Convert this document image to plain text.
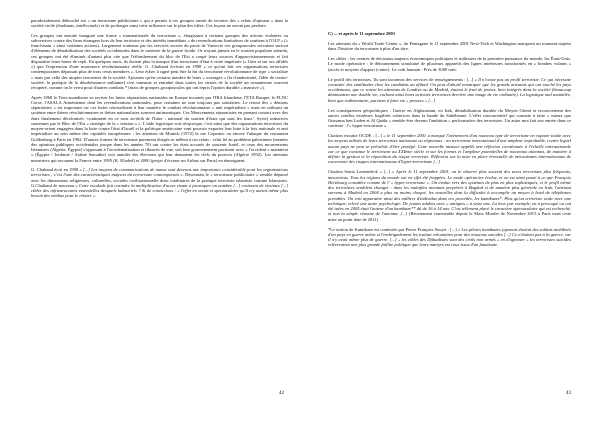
paradoxalement débouché sur « un terrorisme publicitaire » qui a permis à ces groupes armés de recruter des « relais d'opinion » dans la société civile (étudiants, intellectuels) et de prolonger ainsi cette influence sur le plan des idées. Ces leçons ne seront pas perdues.

Ces groupes ont ensuite inauguré une forme « transnationale du terrorisme », élargissant à certains groupes des actions violentes ou subversives contre des lieux étrangers hors de leur territoire et des intérêts immédiats « de revendications limitatives de soutiens à l'OLP » (« franchisant » ainsi certaines actions). Largement soutenus par les services secrets du pacte de Varsovie ces groupuscules servaient surtout d'éléments de déstabilisation des sociétés occidentales dans le contexte de la guerre froide. Or n'ayant jamais eu le soutien populaire attendu, ces groupes ont été éliminés d'autant plus vite que l'effondrement du bloc de l'Est a coupé leurs sources d'approvisionnements et fait disparaître leurs bases de repli. En quelques mois, ils étaient plus la marque d'un terrorisme d'état à visée impériale (« Unis et sur ses affidés ») que l'expression d'une mouvance révolutionnaire réelle. G. Chaliand écrivait en 1998 « ce qu'ont fait ces organisations terroristes contemporaines dépassait plus de trois cents membres ». Leur échec à signé peut être la fin du terrorisme révolutionnaire de type « socialiste » mais pas celle des utopies terroristes de la société. Ajoutons qu'en certains nombre de leurs « ouvrages » (la clandestinité, l'idée de contre-société, la pratique de la désobéissance militante) s'est transmis et entraîné dans toutes les strates de la société un romantisme souvent récupéré, comme on le verra pour d'autres combats * (mais de groupes groupuscules qui ont repris l'option durable « massive »).

Après 1968 le Tiers-mondisme va raviver les luttes séparatistes nationales en Europe incarnés par l'IRA Irlandaise, l'ETA Basque, le FLNC Corse, l'ASALA Arménienne dont les revendications nationales, pour certaines ne sont toujours pas satisfaites. Le retour des « démons séparatistes » est important car ces luttes réactualisent à leur manière le combat révolutionnaire « anti impérialiste » mais en utilisant un système entre thèses révolutionnaires et thèses nationalistes souvent antinomiques. Ces Mouvements séparatistes en prenant contact avec des états finalement décolonisés ‘continuent en ce sens au-delà de l'Inter › national du soutien d'états qui sont les leurs’. Syrie) initiatives soutenues par le Bloc de l'Est « stratégie de la « tension » ». L'aide logistique soit réciproque, c'est ainsi que des organisations terroristes du moyen-orient engagées dans la lutte contre l'état d'Israël et la politique américaine vont pouvoir exporter leur lutte à la fois nationale et anti impérialiste au sein même des capitales européennes : les attentats de Munich (1972) la rue Copernic ou encore l'attaque du restaurant Goldenberg à Paris en 1982. D'autres formes de terrorisme purement dirigés se mêlent à ces relais : celui lié au problème palestinien (menées des opinions publiques occidentales jusque dans les années 70) ont contre les états accusés de soutenir Israël, et ceux des mouvements Islamistes (Algérie, Égypte) s'opposant à l'occidentalisation et illustrés de vue, soit leur gouvernement pactisent avec « l'occident » maintient « (Égypte / Jordanie / Arabie Saoudite) voit annuler des élections qui leur donnaient les clefs du pouvoir (Algérie 1992). Les attentats meurtriers qui secouent la France entre 1995 (K. Khaled) et 2000 (projet d'écraser un Airbus sur Paris) en témoignent.

G. Chaliand écrit en 1998 « [...] Les moyens de communications de masse sont devenus une importance considérable pour les organisations terroristes ; c'est l'une des caractéristiques majeurs du terrorisme contemporain ». Désormais le « terrorisme publicitaire » semble dépassé avec les dimensions religieuses, culturelles, sociales civilisationnelle donc totalitaires de la pratique terroriste islamiste comme Islamistes. G.Chaliand de nouveau « Cette escalade fait craindre la multiplication d'actes visant à provoquer un nombre [...] croissant de victimes [...] cibler des infrastructures essentielles desquels industriels ? Si de convictions : « l'effet en serait si spectaculaire qu'il n'y aurait même plus besoin des médias pour le relater ».

42

C) ... et après le 11 septembre 2001

Les attentats du « World Trade Center », du Pentagone le 11 septembre 2001 New-York et Washington marquent un tournant majeur dans l'histoire du terrorisme à plus d'un titre.

Les cibles : les centres de décisions majeurs économiques politiques et militaires de la première puissance du monde, les États-Unis. Le mode opératoire : le détournement simultané de plusieurs appareils des lignes intérieures transformés en « bombes volants » (accès et moyens d'apport (cutter). Le coût humain : Près de 3000 tués.

Le profil des terroristes. Ils sont inconnus des services de renseignements : [...] « Il n'existe pas un profil terroriste. Ce qui nécessite constater des similitudes chez les candidats au djihad. On peut d'abord remarquer que les grands attentats qui ont touché les pays occidentaux, que ce soient les attentats de Londres ou de Madrid, étaient le fruit de jeunes, bien intégrés dans la société (beaucoup diminuaient une double vie, cachant ainsi leurs activités terroristes derrière une image de vie ordinaire). La logistique mal assimilée, bien que rudimentaire, parvient à faire vie « preuves » [...]

Les conséquences géopolitiques : Guerre en Afghanistan, en Irak, déstabilisation durable du Moyen Orient et recouvrement des autres conflits extrêmes fragilités créatrices dans la bande du Sahélienne. L'effet concurrentiel qui consiste à faire « mieux que Oussama ben Laden et Al Qaïda » semble être devenu l'ambition » performative des terroristes. Un autre mot fait son entrée dans ce contexte : l'« hyper-terrorisme ».

Citation extraite OCDE : [...] « le 11 septembre 2001 a marqué l'avènement d'un nouveau type de terrorisme en rupture totale avec les moyens utilisés de leurs terroristes nationaux ou régionaux : un terrorisme international d'une ampleur improbable, contre lequel aucun pays ne peut se prévaloir d'être protégé. Cette nouvelle menace appelle une réflexion coordonnée à l'échelle internationale car ce que constitue le terrorisme au XXIème siècle et sur les formes et l'ampleur potentielles de nouveaux attentats, de manière à définir la gestion et la répartition du risque terroriste. Réflexion sur la mise en place éventuelle de mécanismes internationaux de couverture des risques internationaux d'hyper-terrorisme [...]

Citation Sonia Lemendeck « [...] « Après le 11 septembre 2001, on le observe plus souvent des actes terroristes plus fréquents, meurtrieux. Tous les régions du monde ont en effet été frappées. Le mode opératoire évolue, et on est ainsi passé à ce que François Heisbourg considère comme de l' « hyper-terrorisme ». On évalue vers des systèmes de plus en plus sophistiqués, et le profil même des terroristes semblent changer : dans les multiples attentats perpétrés à Bagdad et de manière plus générale en Irak, l'attentat survenu à Madrid en 2004 a plus ou moins choqué, les nouvelles dont la difficulté à accomplir un moyen à bord de téléphones portables. On voit apparaitre ainsi des milliers d'individus dans ces procédés, les kamikazes*. Plus qu'un terroriste seule avec une technique, relevé une autre psychologie. De jeunes adultes avec « antiques » à seize ans. La leur, par exemple, en a provoqué ou ont été tuées en 2005 était l'auteur d'un kamikaze** dû de 16 à 14 ans. C'est tellement placé le caractère spectaculaire qui est recherché, et non la simple réussite de l'attentat. [...] (Récemment contestable depuis le Mass Murder de Novembre 2015 à Paris mais cette mise au point date de 2011)

*Le notion de Kamikaze est contestée par Pierre François Souyri : [...] « Les pilotes kamikazes japonais étaient des soldats mobilisés d'un pays en guerre même si l'embrigadement les traitait volontaires pour des missions suicides [...] Ce n'étaient pas à la guerre, car il n'y avait même plus de guerre. [...] » les cibles des Djihadistes sont des civils non armés « en d'agresser » les terroristes suicides relèveraient une plus grande faillite politique que leurs martyrs est ceux issus d'un fanatisme.

43
